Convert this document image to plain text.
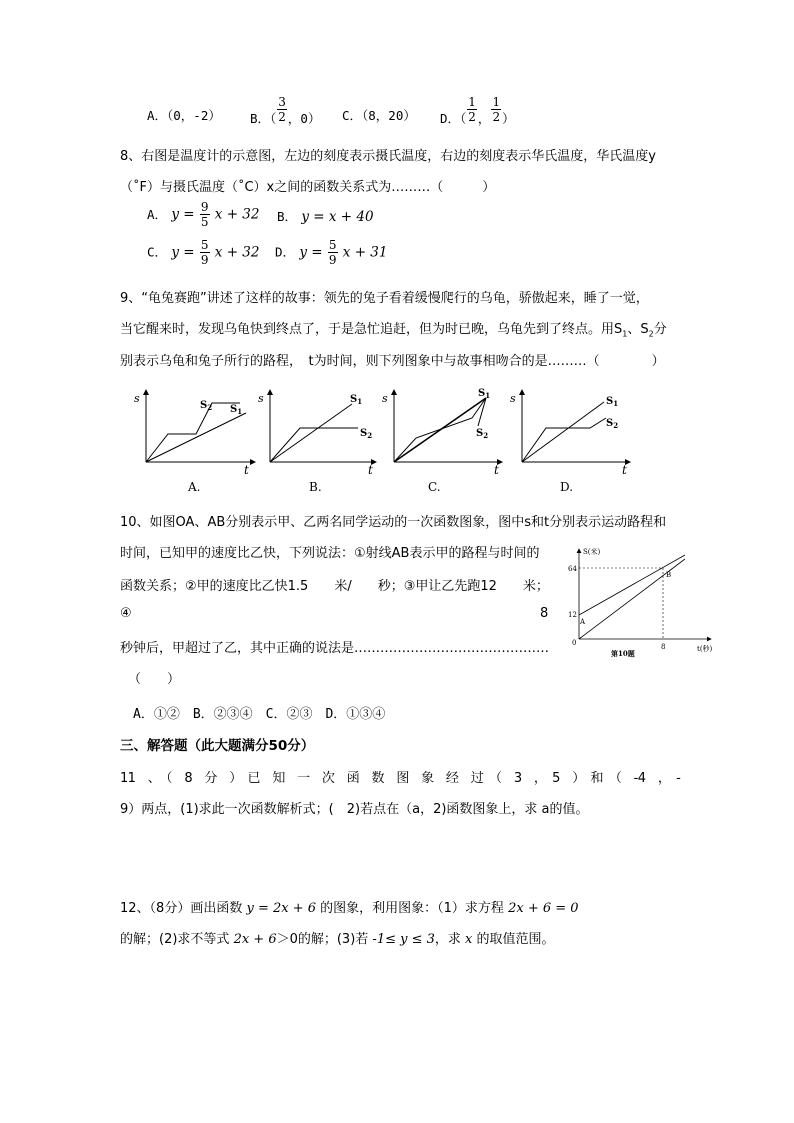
A．（0，-2） B．（ $\frac{3}{2}$ ，0） C．（8，20） D．（ $\frac{1}{2}$ ， $\frac{1}{2}$ ）
8、右图是温度计的示意图，左边的刻度表示摄氏温度，右边的刻度表示华氏温度，华氏温度y
（˚F）与摄氏温度（˚C）x之间的函数关系式为………（　　　）
A． $y = \frac{9}{5}$ x + 32 B． y = x + 40
C． $y = \frac{5}{9}$ x + 32 D． $y = \frac{5}{9}$ x + 31
9、“龟兔赛跑”讲述了这样的故事：领先的兔子看着缓慢爬行的乌龟，骄傲起来，睡了一觉，
当它醒来时，发现乌龟快到终点了，于是急忙追赶，但为时已晚，乌龟先到了终点。用$S_1$、$S_2$分
别表示乌龟和兔子所行的路程，　t为时间，则下列图象中与故事相吻合的是………（　　　　）
s
t
$S_2$ $S_1$
A.
s
t
$S_1$
$S_2$
B.
s
t
$S_1$
$S_2$
C.
s
t
$S_1$
$S_2$
D.
10、如图OA、AB分别表示甲、乙两名同学运动的一次函数图象，图中s和t分别表示运动路程和
时间，已知甲的速度比乙快，下列说法：①射线AB表示甲的路程与时间的
函数关系；②甲的速度比乙快1.5　　米/　　秒；③甲让乙先跑12　　米；
④	8
秒钟后，甲超过了乙，其中正确的说法是………………………………………
（　　）
A．①②　B．②③④　C．②③　D．①③④
S(米)
t(秒)
64
12
0	8
A
B
第10题
三、解答题（此大题满分50分）
11　、　（　8　分　）　已　知　一　次　函　数　图　象　经　过　（　3　，　5　）　和　（　-4　，　-
9）两点，(1)求此一次函数解析式；(　2)若点在（a，2)函数图象上，求 a的值。
12、（8分）画出函数 y = 2x + 6 的图象，利用图象：（1）求方程 2x + 6 = 0
的解；(2)求不等式 2x + 6＞0的解；(3)若 -1≤ y ≤ 3，求 x 的取值范围。
